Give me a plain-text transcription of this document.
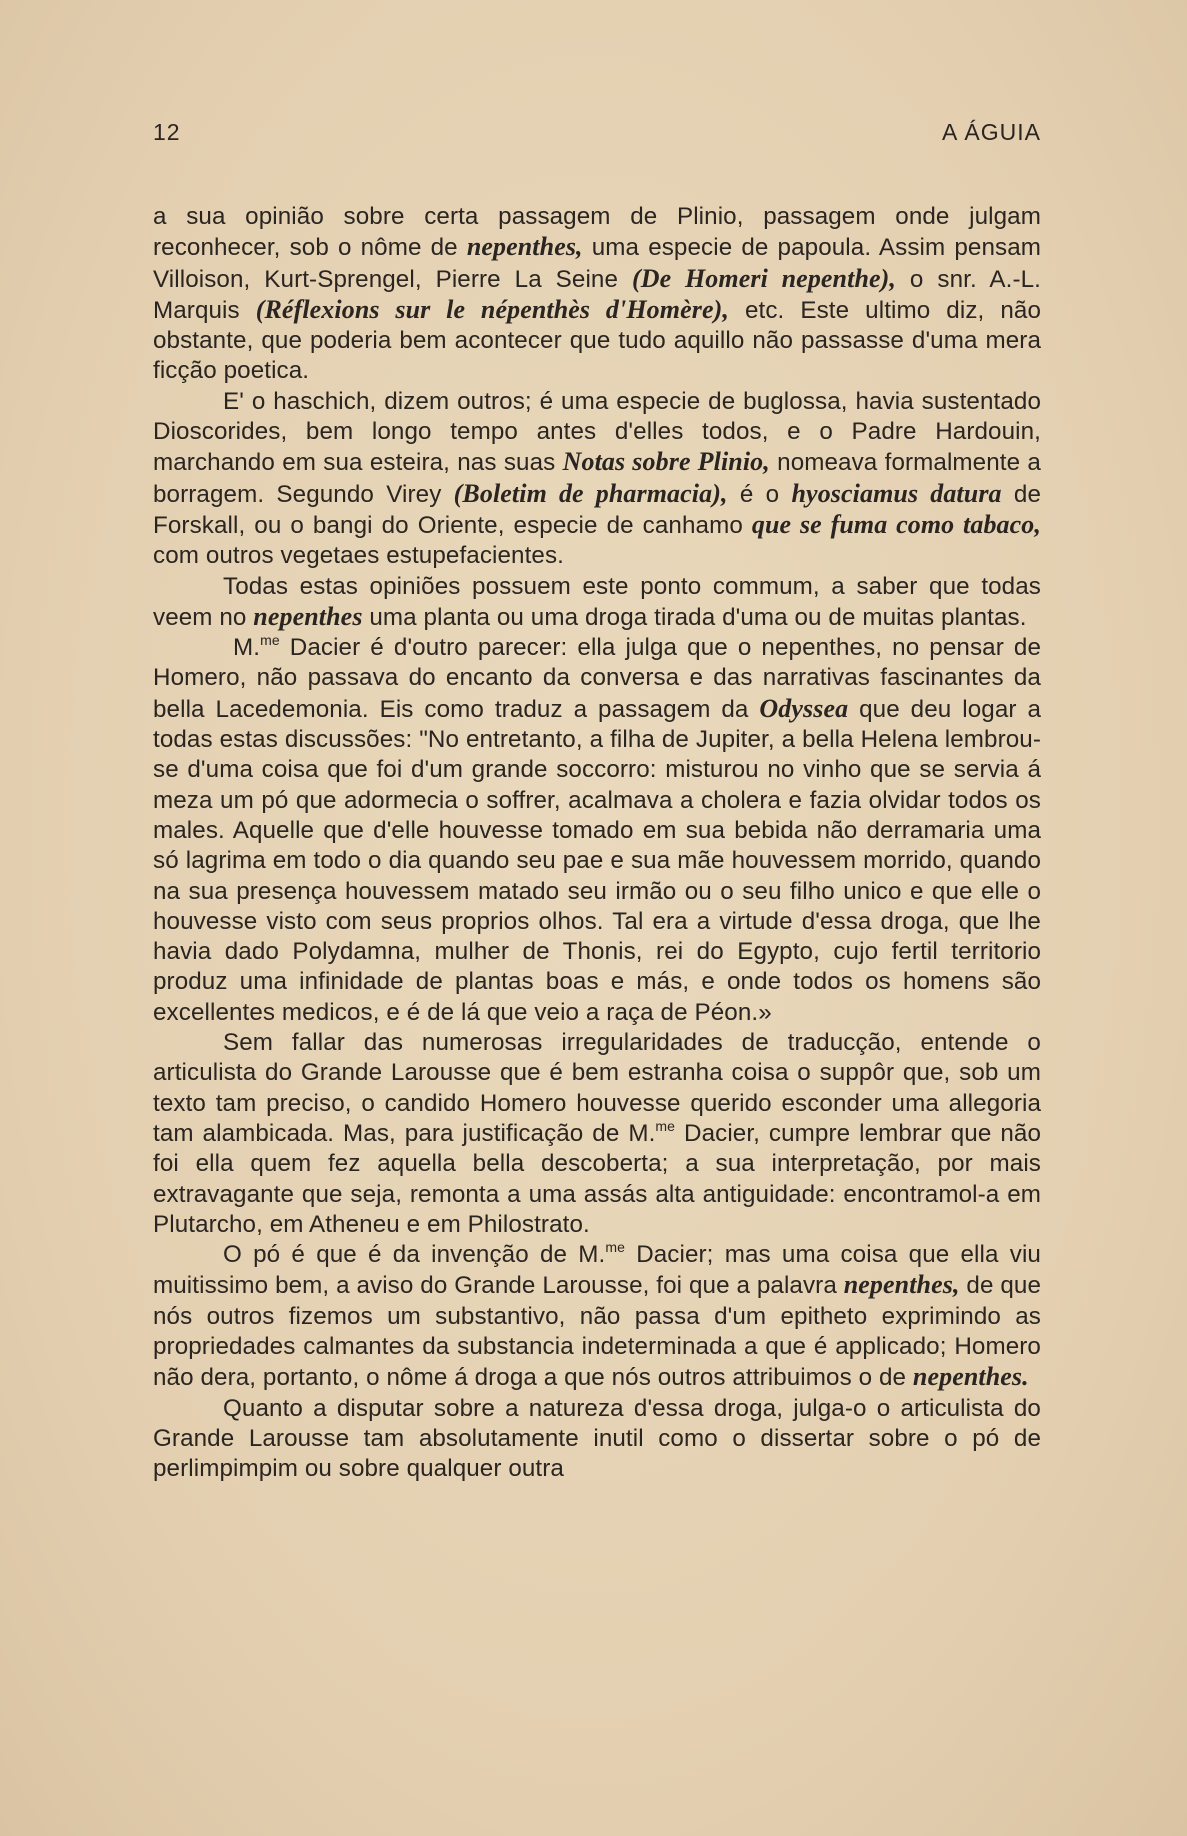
12	A ÁGUIA

a sua opinião sobre certa passagem de Plinio, passagem onde julgam reconhecer, sob o nôme de nepenthes, uma especie de papoula. Assim pensam Villoison, Kurt-Sprengel, Pierre La Seine (De Homeri nepenthe), o snr. A.-L. Marquis (Réflexions sur le népenthès d'Homère), etc. Este ultimo diz, não obstante, que poderia bem acontecer que tudo aquillo não passasse d'uma mera ficção poetica.

E' o haschich, dizem outros; é uma especie de buglossa, havia sustentado Dioscorides, bem longo tempo antes d'elles todos, e o Padre Hardouin, marchando em sua esteira, nas suas Notas sobre Plinio, nomeava formalmente a borragem. Segundo Virey (Boletim de pharmacia), é o hyosciamus datura de Forskall, ou o bangi do Oriente, especie de canhamo que se fuma como tabaco, com outros vegetaes estupefacientes.

Todas estas opiniões possuem este ponto commum, a saber que todas veem no nepenthes uma planta ou uma droga tirada d'uma ou de muitas plantas.

M.$^{me}$ Dacier é d'outro parecer: ella julga que o nepenthes, no pensar de Homero, não passava do encanto da conversa e das narrativas fascinantes da bella Lacedemonia. Eis como traduz a passagem da Odyssea que deu logar a todas estas discussões: "No entretanto, a filha de Jupiter, a bella Helena lembrou-se d'uma coisa que foi d'um grande soccorro: misturou no vinho que se servia á meza um pó que adormecia o soffrer, acalmava a cholera e fazia olvidar todos os males. Aquelle que d'elle houvesse tomado em sua bebida não derramaria uma só lagrima em todo o dia quando seu pae e sua mãe houvessem morrido, quando na sua presença houvessem matado seu irmão ou o seu filho unico e que elle o houvesse visto com seus proprios olhos. Tal era a virtude d'essa droga, que lhe havia dado Polydamna, mulher de Thonis, rei do Egypto, cujo fertil territorio produz uma infinidade de plantas boas e más, e onde todos os homens são excellentes medicos, e é de lá que veio a raça de Péon.»

Sem fallar das numerosas irregularidades de traducção, entende o articulista do Grande Larousse que é bem estranha coisa o suppôr que, sob um texto tam preciso, o candido Homero houvesse querido esconder uma allegoria tam alambicada. Mas, para justificação de M.$^{me}$ Dacier, cumpre lembrar que não foi ella quem fez aquella bella descoberta; a sua interpretação, por mais extravagante que seja, remonta a uma assás alta antiguidade: encontramol-a em Plutarcho, em Atheneu e em Philostrato.

O pó é que é da invenção de M.$^{me}$ Dacier; mas uma coisa que ella viu muitissimo bem, a aviso do Grande Larousse, foi que a palavra nepenthes, de que nós outros fizemos um substantivo, não passa d'um epitheto exprimindo as propriedades calmantes da substancia indeterminada a que é applicado; Homero não dera, portanto, o nôme á droga a que nós outros attribuimos o de nepenthes.

Quanto a disputar sobre a natureza d'essa droga, julga-o o articulista do Grande Larousse tam absolutamente inutil como o dissertar sobre o pó de perlimpimpim ou sobre qualquer outra
